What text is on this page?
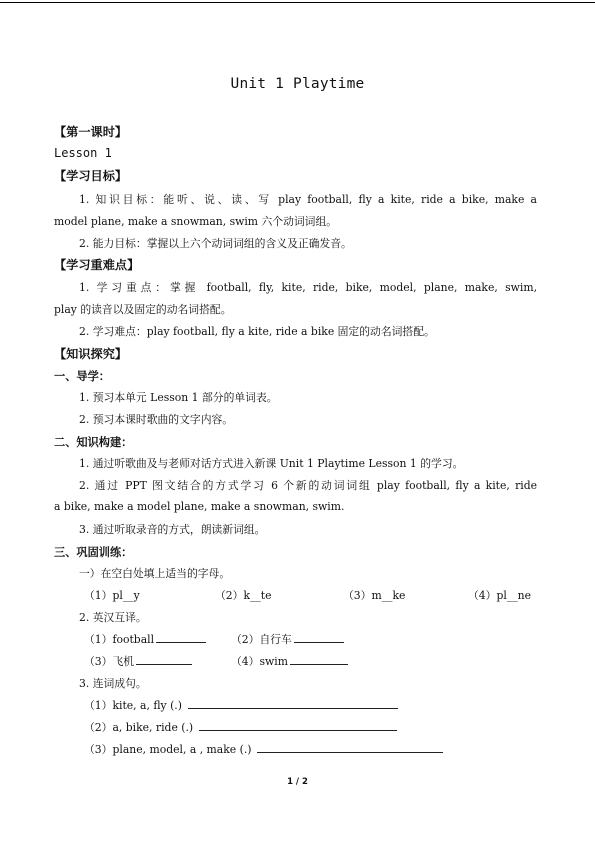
Unit 1 Playtime
【第一课时】
Lesson 1
【学习目标】
1. 知识目标：能听、说、读、写 play football, fly a kite, ride a bike, make a
model plane, make a snowman, swim 六个动词词组。
2. 能力目标：掌握以上六个动词词组的含义及正确发音。
【学习重难点】
1. 学习重点：掌握 football, fly, kite, ride, bike, model, plane, make, swim,
play 的读音以及固定的动名词搭配。
2. 学习难点：play football, fly a kite, ride a bike 固定的动名词搭配。
【知识探究】
一、导学：
1. 预习本单元 Lesson 1 部分的单词表。
2. 预习本课时歌曲的文字内容。
二、知识构建：
1. 通过听歌曲及与老师对话方式进入新课 Unit 1 Playtime Lesson 1 的学习。
2. 通过 PPT 图文结合的方式学习 6 个新的动词词组 play football, fly a kite, ride
a bike, make a model plane, make a snowman, swim.
3. 通过听取录音的方式，朗读新词组。
三、巩固训练：
一）在空白处填上适当的字母。
（1）pl__y	（2）k__te	（3）m__ke	（4）pl__ne
2. 英汉互译。
（1）football	（2）自行车
（3）飞机	（4）swim
3. 连词成句。
（1）kite, a, fly (.)
（2）a, bike, ride (.)
（3）plane, model, a , make (.)
1 / 2
